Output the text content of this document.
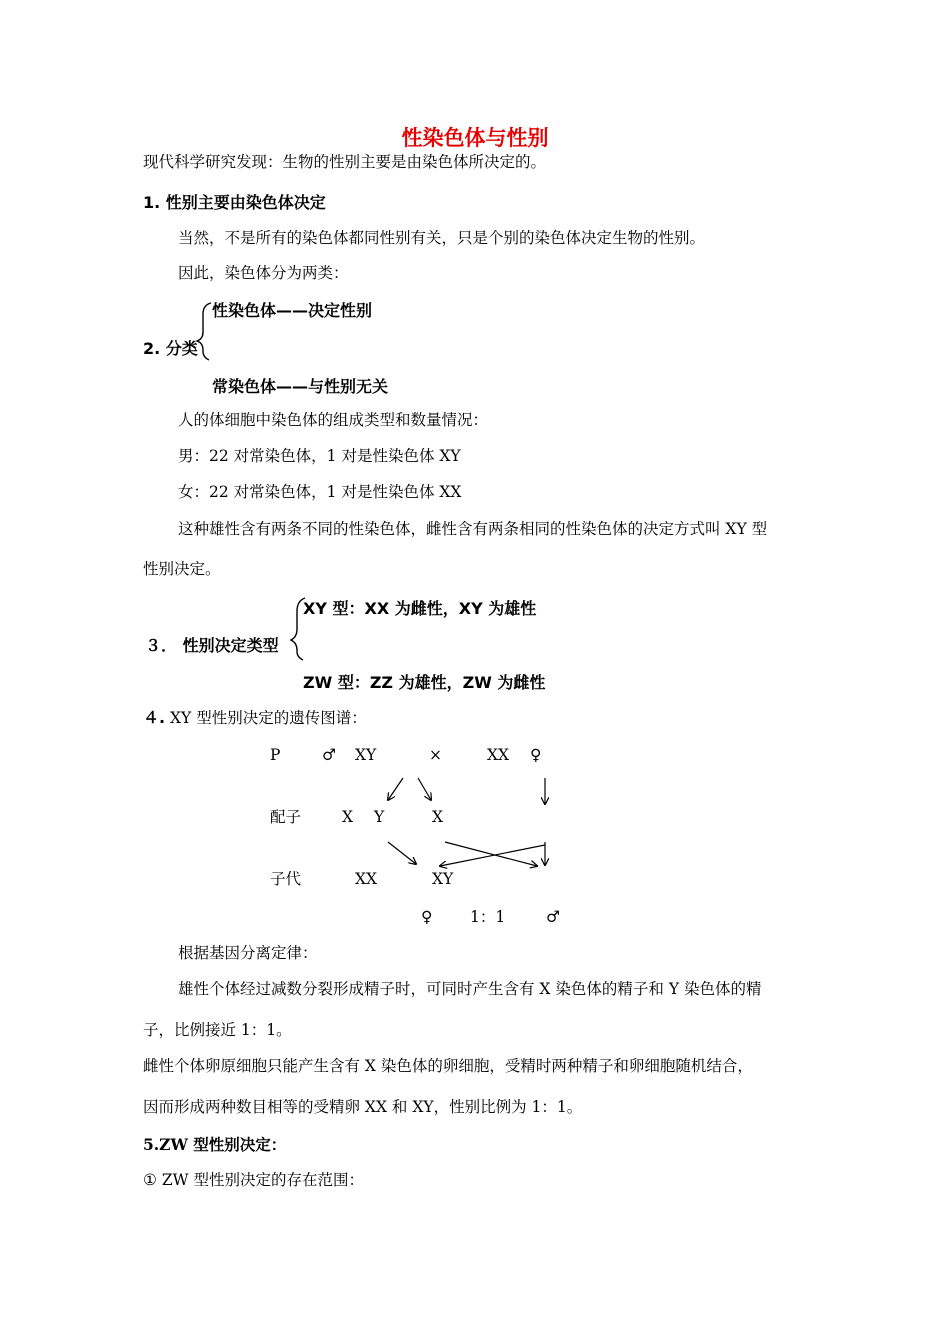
性染色体与性别
现代科学研究发现：生物的性别主要是由染色体所决定的。
1. 性别主要由染色体决定
当然，不是所有的染色体都同性别有关，只是个别的染色体决定生物的性别。
因此，染色体分为两类：
性染色体——决定性别
2. 分类
常染色体——与性别无关
人的体细胞中染色体的组成类型和数量情况：
男：22 对常染色体，1 对是性染色体 XY
女：22 对常染色体，1 对是性染色体 XX
这种雄性含有两条不同的性染色体，雌性含有两条相同的性染色体的决定方式叫 XY 型
性别决定。
XY 型：XX 为雌性，XY 为雄性
３． 性别决定类型
ZW 型：ZZ 为雄性，ZW 为雌性
４. XY 型性别决定的遗传图谱：
P	♂ XY	×	XX ♀
配子	X Y	X
子代	XX	XY
♀ 1：1	♂
根据基因分离定律：
雄性个体经过减数分裂形成精子时，可同时产生含有 X 染色体的精子和 Y 染色体的精
子，比例接近 1：1。
雌性个体卵原细胞只能产生含有 X 染色体的卵细胞，受精时两种精子和卵细胞随机结合，
因而形成两种数目相等的受精卵 XX 和 XY，性别比例为 1：1。
5.ZW 型性别决定：
① ZW 型性别决定的存在范围：
